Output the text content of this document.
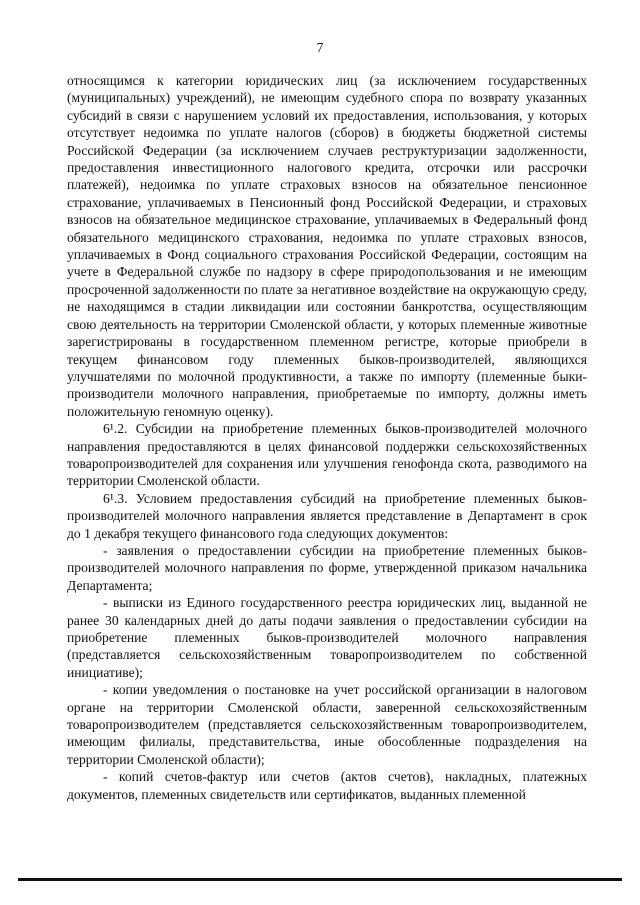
7

относящимся к категории юридических лиц (за исключением государственных (муниципальных) учреждений), не имеющим судебного спора по возврату указанных субсидий в связи с нарушением условий их предоставления, использования, у которых отсутствует недоимка по уплате налогов (сборов) в бюджеты бюджетной системы Российской Федерации (за исключением случаев реструктуризации задолженности, предоставления инвестиционного налогового кредита, отсрочки или рассрочки платежей), недоимка по уплате страховых взносов на обязательное пенсионное страхование, уплачиваемых в Пенсионный фонд Российской Федерации, и страховых взносов на обязательное медицинское страхование, уплачиваемых в Федеральный фонд обязательного медицинского страхования, недоимка по уплате страховых взносов, уплачиваемых в Фонд социального страхования Российской Федерации, состоящим на учете в Федеральной службе по надзору в сфере природопользования и не имеющим просроченной задолженности по плате за негативное воздействие на окружающую среду, не находящимся в стадии ликвидации или состоянии банкротства, осуществляющим свою деятельность на территории Смоленской области, у которых племенные животные зарегистрированы в государственном племенном регистре, которые приобрели в текущем финансовом году племенных быков-производителей, являющихся улучшателями по молочной продуктивности, а также по импорту (племенные быки-производители молочного направления, приобретаемые по импорту, должны иметь положительную геномную оценку).

6¹.2. Субсидии на приобретение племенных быков-производителей молочного направления предоставляются в целях финансовой поддержки сельскохозяйственных товаропроизводителей для сохранения или улучшения генофонда скота, разводимого на территории Смоленской области.

6¹.3. Условием предоставления субсидий на приобретение племенных быков-производителей молочного направления является представление в Департамент в срок до 1 декабря текущего финансового года следующих документов:

- заявления о предоставлении субсидии на приобретение племенных быков-производителей молочного направления по форме, утвержденной приказом начальника Департамента;

- выписки из Единого государственного реестра юридических лиц, выданной не ранее 30 календарных дней до даты подачи заявления о предоставлении субсидии на приобретение племенных быков-производителей молочного направления (представляется сельскохозяйственным товаропроизводителем по собственной инициативе);

- копии уведомления о постановке на учет российской организации в налоговом органе на территории Смоленской области, заверенной сельскохозяйственным товаропроизводителем (представляется сельскохозяйственным товаропроизводителем, имеющим филиалы, представительства, иные обособленные подразделения на территории Смоленской области);

- копий счетов-фактур или счетов (актов счетов), накладных, платежных документов, племенных свидетельств или сертификатов, выданных племенной
